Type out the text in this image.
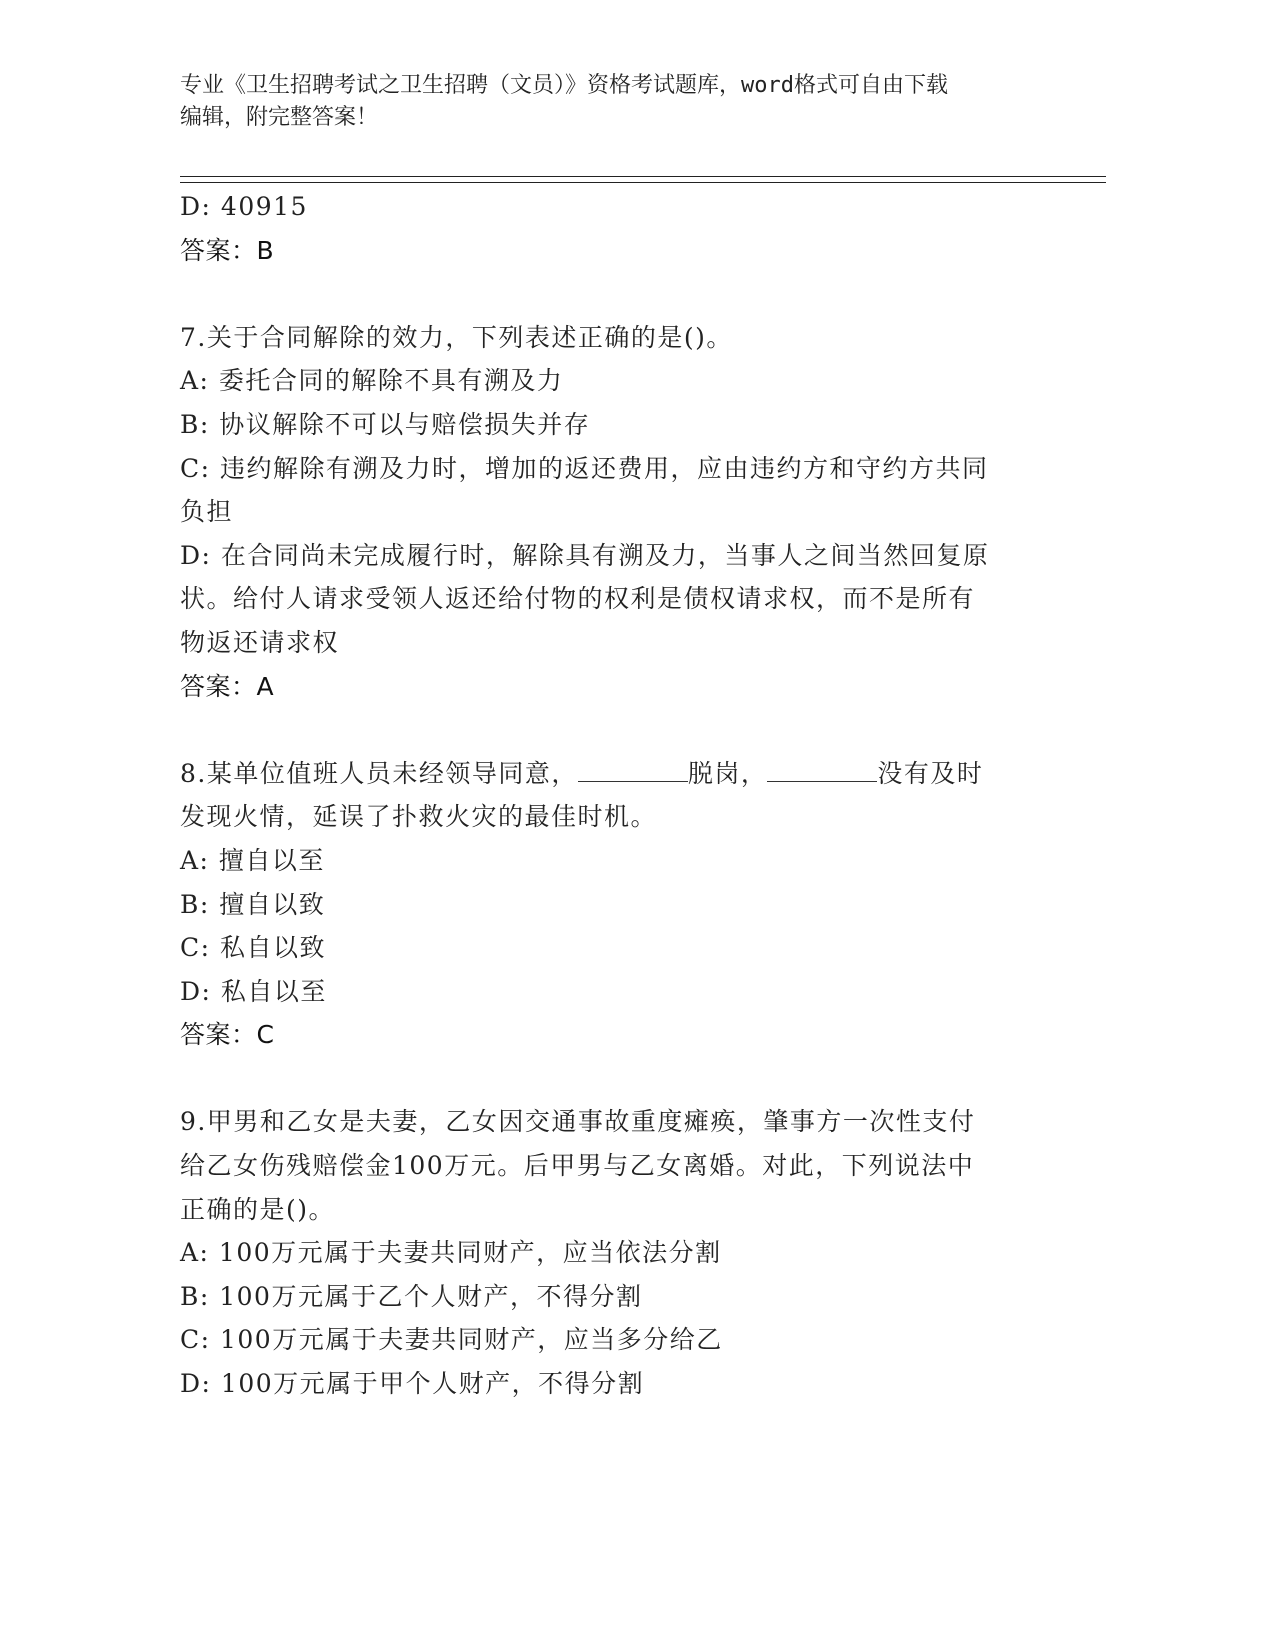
专业《卫生招聘考试之卫生招聘（文员）》资格考试题库，word格式可自由下载
编辑，附完整答案！
D: 40915
答案：B
7.关于合同解除的效力，下列表述正确的是()。
A: 委托合同的解除不具有溯及力
B: 协议解除不可以与赔偿损失并存
C: 违约解除有溯及力时，增加的返还费用，应由违约方和守约方共同
负担
D: 在合同尚未完成履行时，解除具有溯及力，当事人之间当然回复原
状。给付人请求受领人返还给付物的权利是债权请求权，而不是所有
物返还请求权
答案：A
8.某单位值班人员未经领导同意，	脱岗，	没有及时
发现火情，延误了扑救火灾的最佳时机。
A: 擅自以至
B: 擅自以致
C: 私自以致
D: 私自以至
答案：C
9.甲男和乙女是夫妻，乙女因交通事故重度瘫痪，肇事方一次性支付
给乙女伤残赔偿金100万元。后甲男与乙女离婚。对此，下列说法中
正确的是()。
A: 100万元属于夫妻共同财产，应当依法分割
B: 100万元属于乙个人财产，不得分割
C: 100万元属于夫妻共同财产，应当多分给乙
D: 100万元属于甲个人财产，不得分割
